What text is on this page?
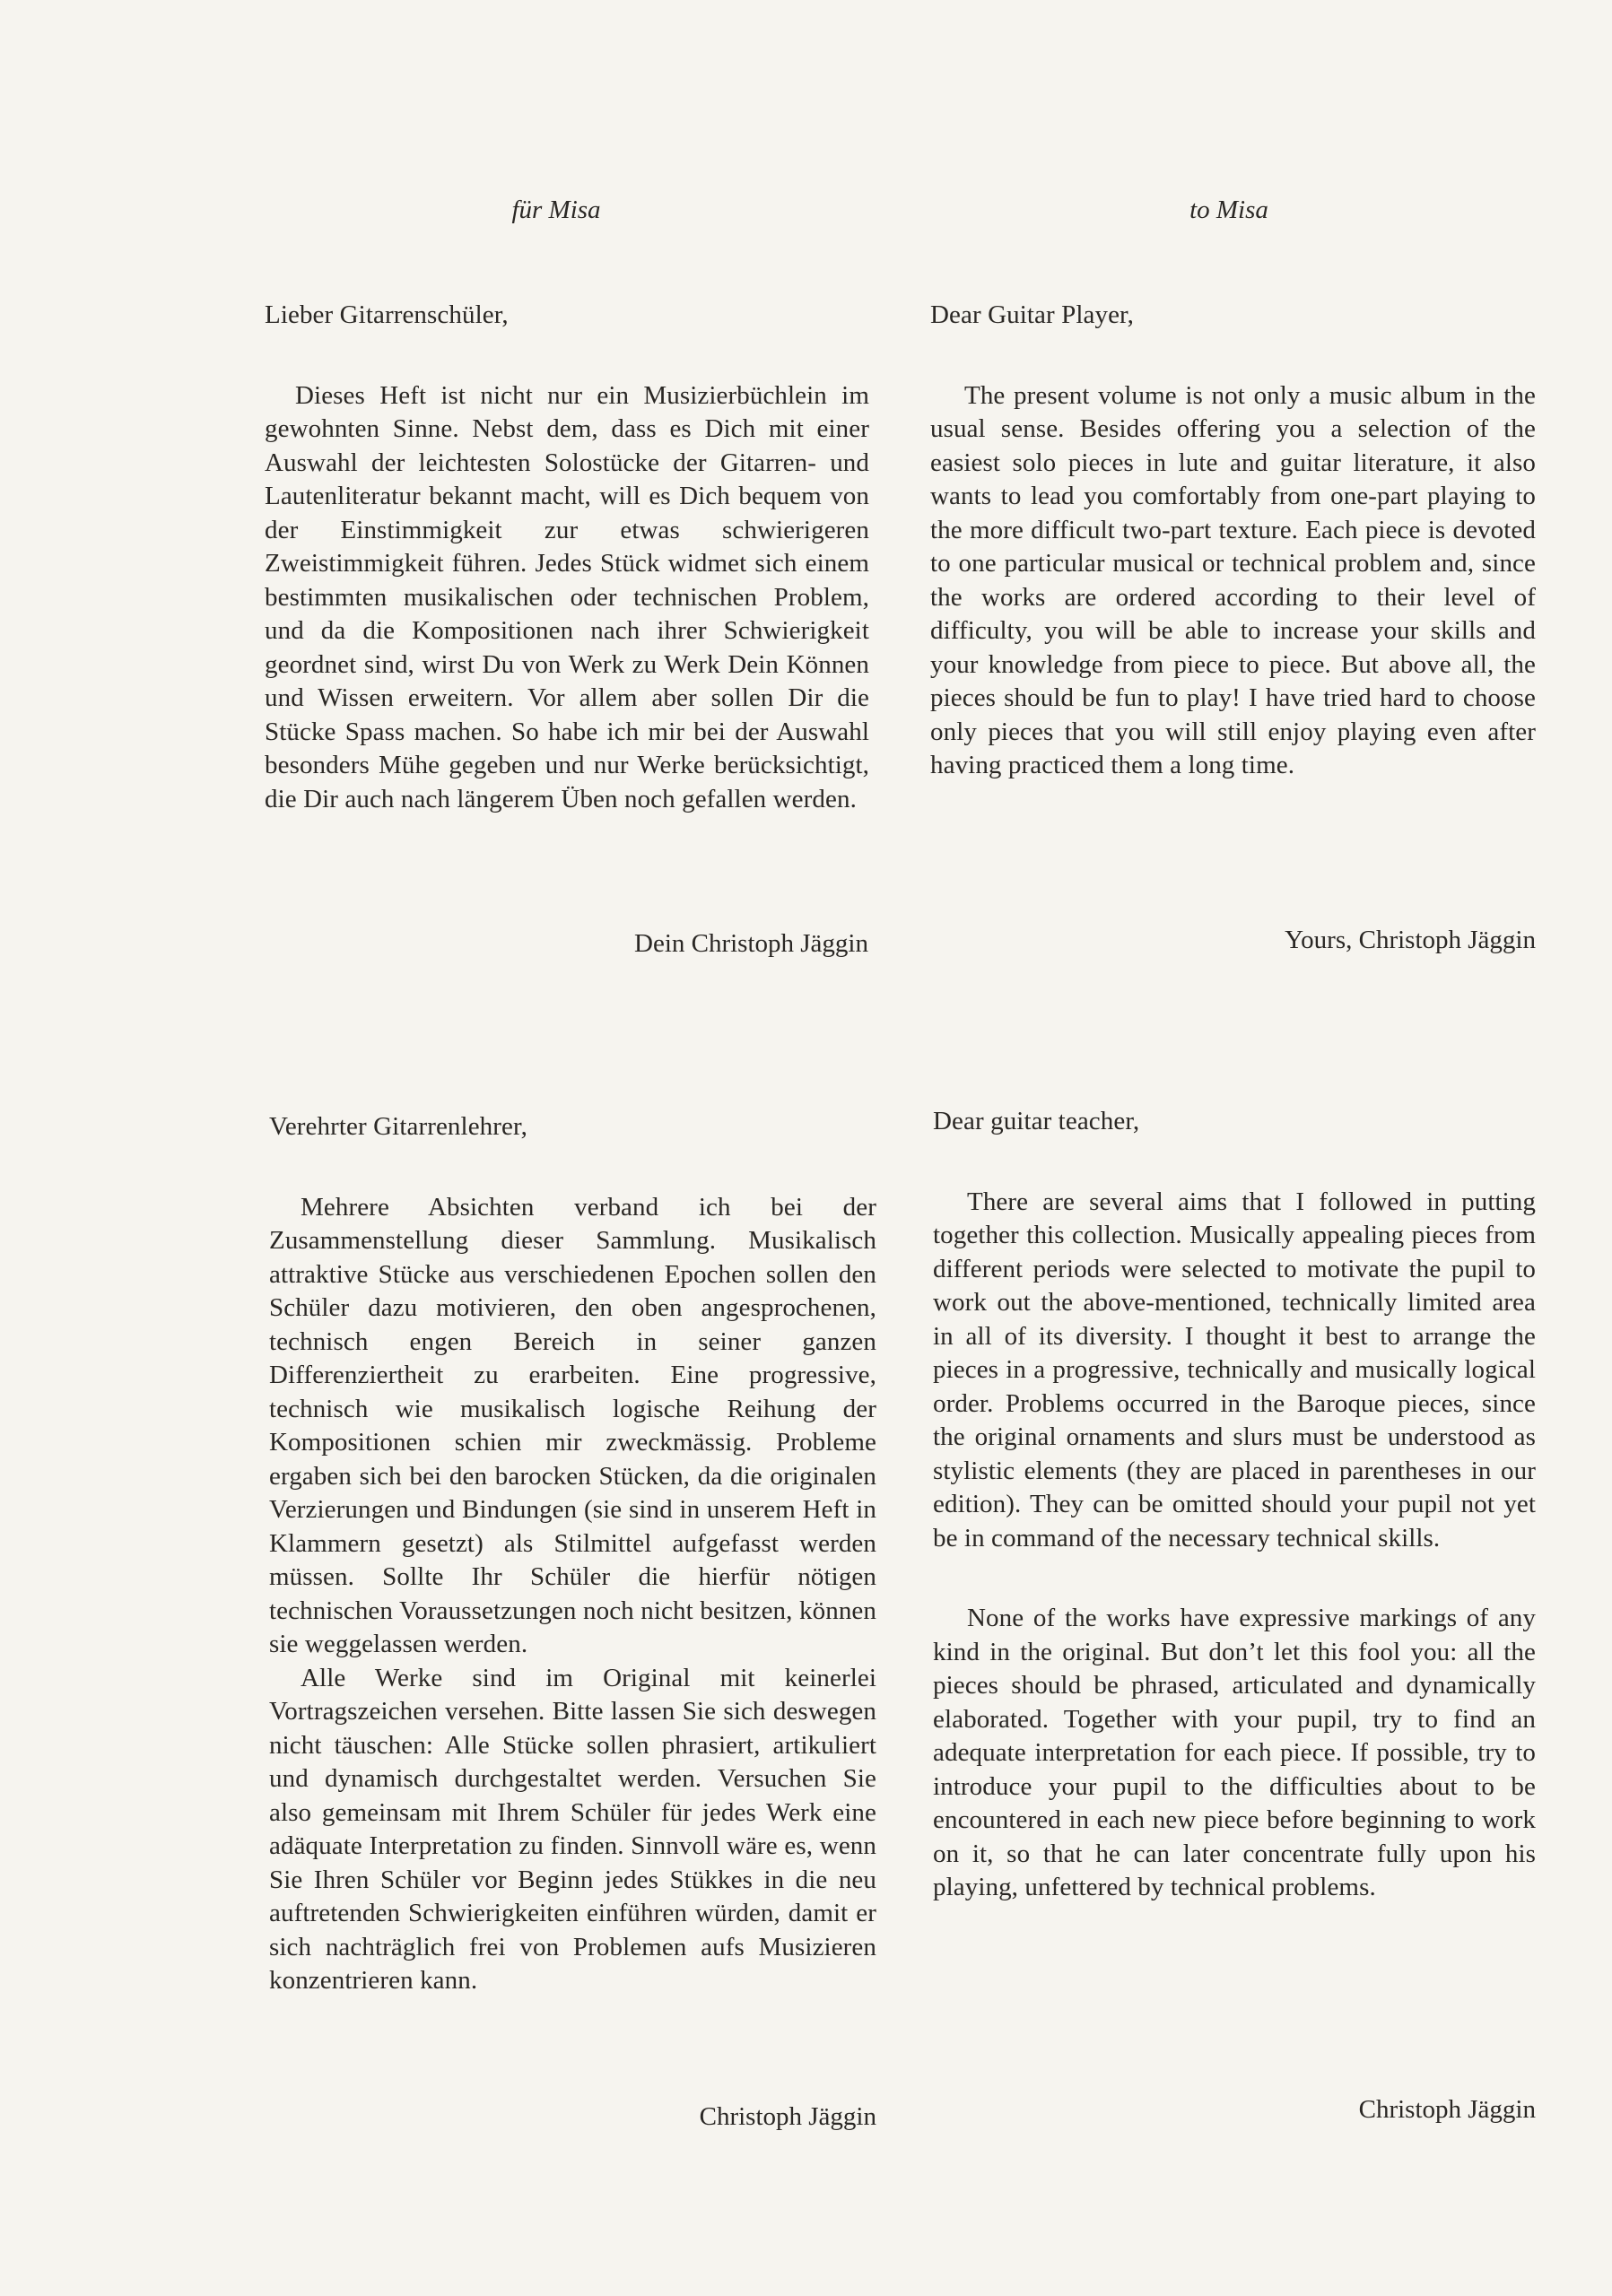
für Misa	to Misa

Lieber Gitarrenschüler,

Dieses Heft ist nicht nur ein Musizierbüchlein im gewohnten Sinne. Nebst dem, dass es Dich mit einer Auswahl der leichtesten Solostücke der Gitarren- und Lautenliteratur bekannt macht, will es Dich bequem von der Einstimmigkeit zur etwas schwierigeren Zweistimmigkeit führen. Jedes Stück widmet sich einem bestimmten musikalischen oder technischen Problem, und da die Kompositionen nach ihrer Schwierigkeit geordnet sind, wirst Du von Werk zu Werk Dein Können und Wissen erweitern. Vor allem aber sollen Dir die Stücke Spass machen. So habe ich mir bei der Auswahl besonders Mühe gegeben und nur Werke berücksichtigt, die Dir auch nach längerem Üben noch gefallen werden.

Dein Christoph Jäggin

Dear Guitar Player,

The present volume is not only a music album in the usual sense. Besides offering you a selection of the easiest solo pieces in lute and guitar literature, it also wants to lead you comfortably from one-part playing to the more difficult two-part texture. Each piece is devoted to one particular musical or technical problem and, since the works are ordered according to their level of difficulty, you will be able to increase your skills and your knowledge from piece to piece. But above all, the pieces should be fun to play! I have tried hard to choose only pieces that you will still enjoy playing even after having practiced them a long time.

Yours, Christoph Jäggin

Verehrter Gitarrenlehrer,

Mehrere Absichten verband ich bei der Zusammenstellung dieser Sammlung. Musikalisch attraktive Stücke aus verschiedenen Epochen sollen den Schüler dazu motivieren, den oben angesprochenen, technisch engen Bereich in seiner ganzen Differenziertheit zu erarbeiten. Eine progressive, technisch wie musikalisch logische Reihung der Kompositionen schien mir zweckmässig. Probleme ergaben sich bei den barocken Stücken, da die originalen Verzierungen und Bindungen (sie sind in unserem Heft in Klammern gesetzt) als Stilmittel aufgefasst werden müssen. Sollte Ihr Schüler die hierfür nötigen technischen Voraussetzungen noch nicht besitzen, können sie weggelassen werden.

Alle Werke sind im Original mit keinerlei Vortragszeichen versehen. Bitte lassen Sie sich deswegen nicht täuschen: Alle Stücke sollen phrasiert, artikuliert und dynamisch durchgestaltet werden. Versuchen Sie also gemeinsam mit Ihrem Schüler für jedes Werk eine adäquate Interpretation zu finden. Sinnvoll wäre es, wenn Sie Ihren Schüler vor Beginn jedes Stükkes in die neu auftretenden Schwierigkeiten einführen würden, damit er sich nachträglich frei von Problemen aufs Musizieren konzentrieren kann.

Christoph Jäggin

Dear guitar teacher,

There are several aims that I followed in putting together this collection. Musically appealing pieces from different periods were selected to motivate the pupil to work out the above-mentioned, technically limited area in all of its diversity. I thought it best to arrange the pieces in a progressive, technically and musically logical order. Problems occurred in the Baroque pieces, since the original ornaments and slurs must be understood as stylistic elements (they are placed in parentheses in our edition). They can be omitted should your pupil not yet be in command of the necessary technical skills.

None of the works have expressive markings of any kind in the original. But don’t let this fool you: all the pieces should be phrased, articulated and dynamically elaborated. Together with your pupil, try to find an adequate interpretation for each piece. If possible, try to introduce your pupil to the difficulties about to be encountered in each new piece before beginning to work on it, so that he can later concentrate fully upon his playing, unfettered by technical problems.

Christoph Jäggin
